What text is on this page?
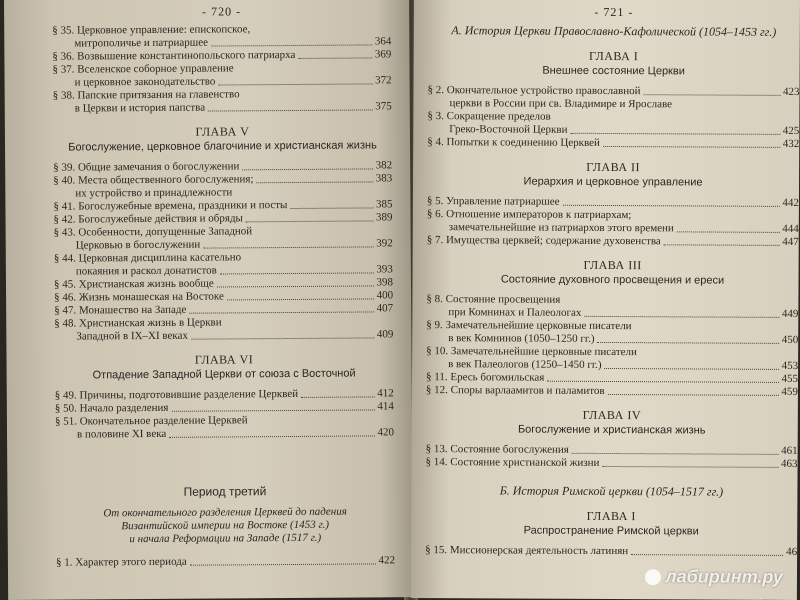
- 720 -
§ 35. Церковное управление: епископское,
митрополичье и патриаршее	364
§ 36. Возвышение константинопольского патриарха	369
§ 37. Вселенское соборное управление
и церковное законодательство	372
§ 38. Папские притязания на главенство
в Церкви и история папства	375
ГЛАВА V
Богослужение, церковное благочиние и христианская жизнь
§ 39. Общие замечания о богослужении	382
§ 40. Места общественного богослужения;	383
их устройство и принадлежности
§ 41. Богослужебные времена, праздники и посты	385
§ 42. Богослужебные действия и обряды	389
§ 43. Особенности, допущенные Западной
Церковью в богослужении	392
§ 44. Церковная дисциплина касательно
покаяния и раскол донатистов	393
§ 45. Христианская жизнь вообще	398
§ 46. Жизнь монашеская на Востоке	400
§ 47. Монашество на Западе	407
§ 48. Христианская жизнь в Церкви
Западной в IX–XI веках	409
ГЛАВА VI
Отпадение Западной Церкви от союза с Восточной
§ 49. Причины, подготовившие разделение Церквей	412
§ 50. Начало разделения	414
§ 51. Окончательное разделение Церквей
в половине XI века	420
Период третий
От окончательного разделения Церквей до падения
Византийской империи на Востоке (1453 г.)
и начала Реформации на Западе (1517 г.)
§ 1. Характер этого периода	422
- 721 -
А. История Церкви Православно-Кафолической (1054–1453 гг.)
ГЛАВА I
Внешнее состояние Церкви
§ 2. Окончательное устройство православной	423
церкви в России при св. Владимире и Ярославе
§ 3. Сокращение пределов
Греко-Восточной Церкви	425
§ 4. Попытки к соединению Церквей	432
ГЛАВА II
Иерархия и церковное управление
§ 5. Управление патриаршее	442
§ 6. Отношение императоров к патриархам;
замечательнейшие из патриархов этого времени	444
§ 7. Имущества церквей; содержание духовенства	447
ГЛАВА III
Состояние духовного просвещения и ереси
§ 8. Состояние просвещения
при Комнинах и Палеологах	449
§ 9. Замечательнейшие церковные писатели
в век Комнинов (1050–1250 гг.)	450
§ 10. Замечательнейшие церковные писатели
в век Палеологов (1250–1450 гг.)	453
§ 11. Ересь богомильская	455
§ 12. Споры варлаамитов и паламитов	459
ГЛАВА IV
Богослужение и христианская жизнь
§ 13. Состояние богослужения	461
§ 14. Состояние христианской жизни	463
Б. История Римской церкви (1054–1517 гг.)
ГЛАВА I
Распространение Римской церкви
§ 15. Миссионерская деятельность латинян	46
лабиринт.ру
